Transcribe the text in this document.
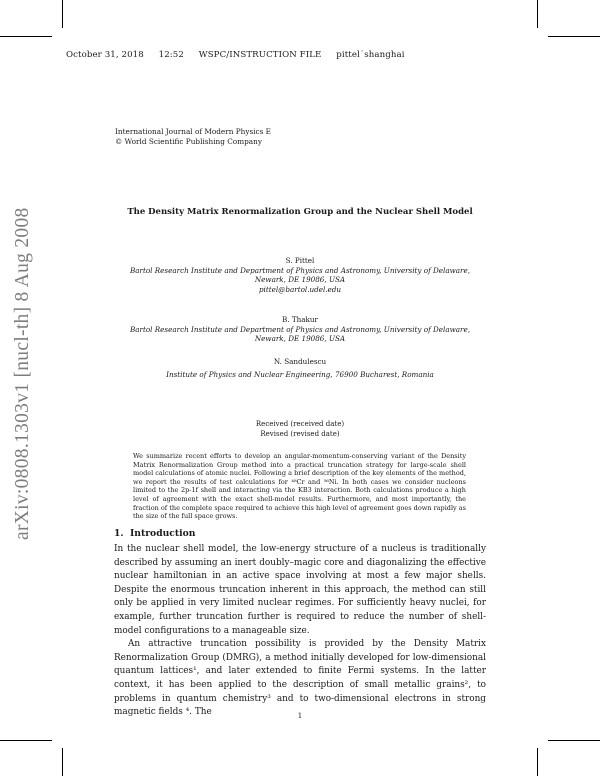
October 31, 2018 12:52 WSPC/INSTRUCTION FILE pittel˙shanghai
arXiv:0808.1303v1 [nucl-th] 8 Aug 2008
International Journal of Modern Physics E
© World Scientific Publishing Company
The Density Matrix Renormalization Group and the Nuclear Shell Model
S. Pittel
Bartol Research Institute and Department of Physics and Astronomy, University of Delaware,
Newark, DE 19086, USA
pittel@bartol.udel.edu
B. Thakur
Bartol Research Institute and Department of Physics and Astronomy, University of Delaware,
Newark, DE 19086, USA
N. Sandulescu
Institute of Physics and Nuclear Engineering, 76900 Bucharest, Romania
Received (received date)
Revised (revised date)
We summarize recent efforts to develop an angular-momentum-conserving variant of the Density Matrix Renormalization Group method into a practical truncation strategy for large-scale shell model calculations of atomic nuclei. Following a brief description of the key elements of the method, we report the results of test calculations for ⁴⁸Cr and ⁵⁶Ni. In both cases we consider nucleons limited to the 2p-1f shell and interacting via the KB3 interaction. Both calculations produce a high level of agreement with the exact shell-model results. Furthermore, and most importantly, the fraction of the complete space required to achieve this high level of agreement goes down rapidly as the size of the full space grows.
1. Introduction

In the nuclear shell model, the low-energy structure of a nucleus is traditionally described by assuming an inert doubly–magic core and diagonalizing the effective nuclear hamiltonian in an active space involving at most a few major shells. Despite the enormous truncation inherent in this approach, the method can still only be applied in very limited nuclear regimes. For sufficiently heavy nuclei, for example, further truncation further is required to reduce the number of shell-model configurations to a manageable size.

An attractive truncation possibility is provided by the Density Matrix Renormalization Group (DMRG), a method initially developed for low-dimensional quantum lattices¹, and later extended to finite Fermi systems. In the latter context, it has been applied to the description of small metallic grains², to problems in quantum chemistry³ and to two-dimensional electrons in strong magnetic fields ⁴. The	1
